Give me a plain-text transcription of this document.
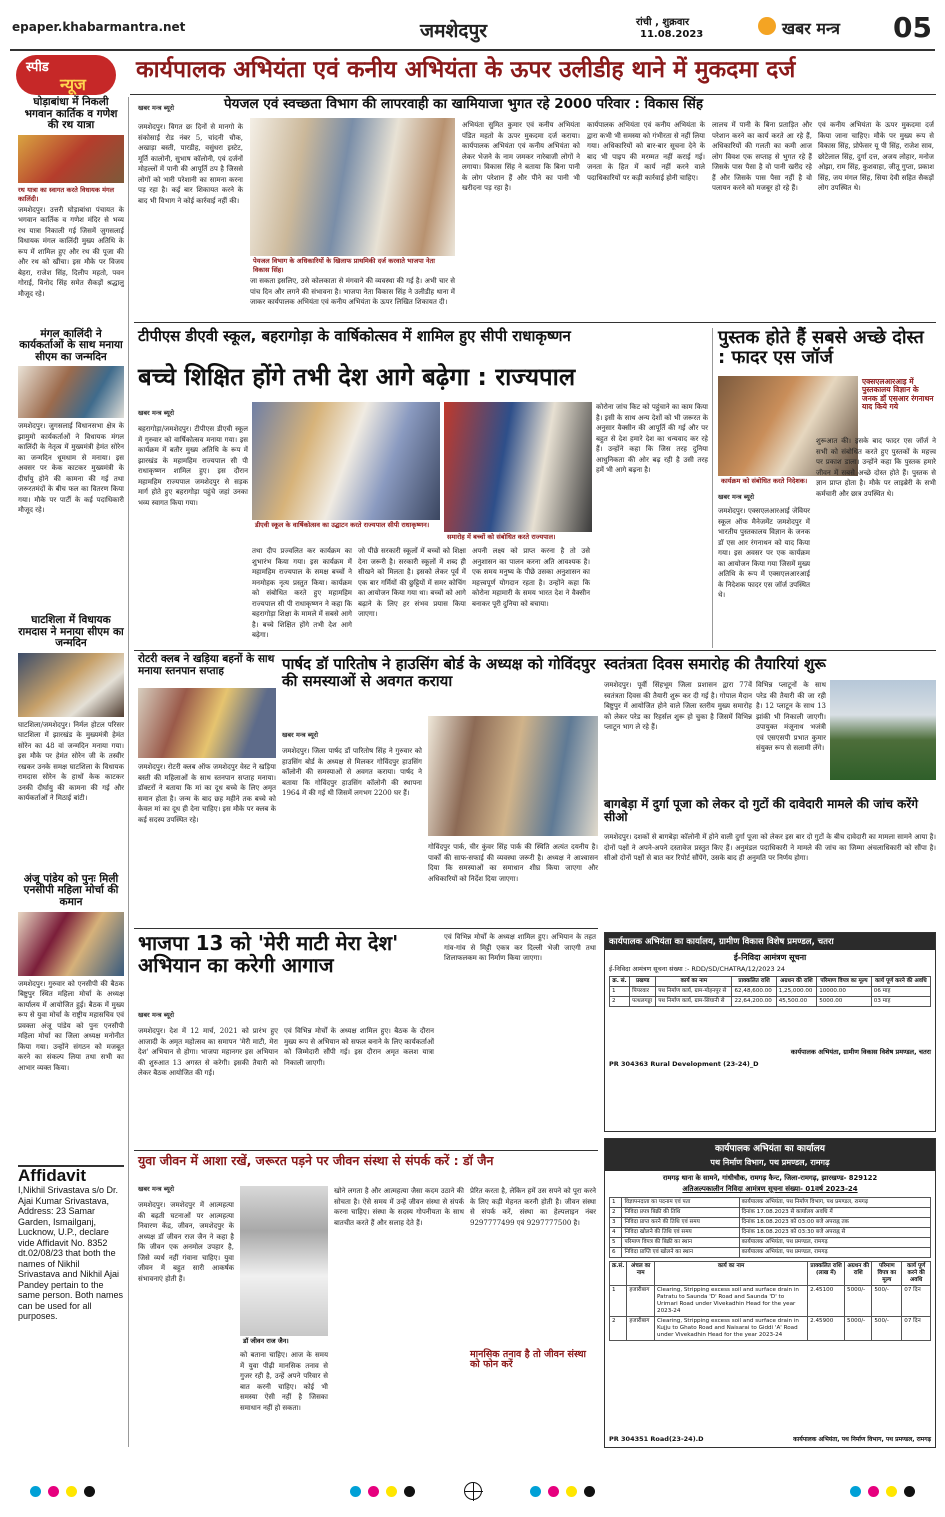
epaper.khabarmantra.net	जमशेदपुर	रांची , शुक्रवार
11.08.2023	खबर मन्त्र 05
स्पीड
न्यूज
कार्यपालक अभियंता एवं कनीय अभियंता के ऊपर उलीडीह थाने में मुकदमा दर्ज
घोड़ाबांधा में निकली भगवान कार्तिक व गणेश की रथ यात्रा
रथ यात्रा का स्वागत करते विधायक मंगल कालिंदी।
जमशेदपुर। उत्तरी घोड़ाबांधा पंचायत के भगवान कार्तिक व गणेश मंदिर से भव्य रथ यात्रा निकाली गई जिसमें जुगसलाई विधायक मंगल कालिंदी मुख्य अतिथि के रूप में शामिल हुए और रथ की पूजा की और रथ को खींचा। इस मौके पर विजय बेहरा, राजेश सिंह, दिलीप महतो, पवन गोराई, विनोद सिंह समेत सैकड़ों श्रद्धालु मौजूद रहे।
मंगल कालिंदी ने कार्यकर्ताओं के साथ मनाया सीएम का जन्मदिन
जमशेदपुर। जुगसलाई विधानसभा क्षेत्र के झामुमो कार्यकर्ताओं ने विधायक मंगल कालिंदी के नेतृत्व में मुख्यमंत्री हेमंत सोरेन का जन्मदिन धूमधाम से मनाया। इस अवसर पर केक काटकर मुख्यमंत्री के दीर्घायु होने की कामना की गई तथा जरूरतमंदों के बीच फल का वितरण किया गया। मौके पर पार्टी के कई पदाधिकारी मौजूद रहे।
घाटशिला में विधायक रामदास ने मनाया सीएम का जन्मदिन
घाटशिला/जमशेदपुर। निर्मल होटल परिसर घाटशिला में झारखंड के मुख्यमंत्री हेमंत सोरेन का 48 वां जन्मदिन मनाया गया। इस मौके पर हेमंत सोरेन जी के तस्वीर रखकर उनके समक्ष घाटशिला के विधायक रामदास सोरेन के हाथों केक काटकर उनकी दीर्घायु की कामना की गई और कार्यकर्ताओं ने मिठाई बांटी।
अंजू पांडेय को पुनः मिली एनसीपी महिला मोर्चा की कमान
जमशेदपुर। गुरुवार को एनसीपी की बैठक बिष्टुपुर स्थित महिला मोर्चा के अध्यक्ष कार्यालय में आयोजित हुई। बैठक में मुख्य रूप से युवा मोर्चा के राष्ट्रीय महासचिव एवं प्रवक्ता अंजू पांडेय को पुनः एनसीपी महिला मोर्चा का जिला अध्यक्ष मनोनीत किया गया। उन्होंने संगठन को मजबूत करने का संकल्प लिया तथा सभी का आभार व्यक्त किया।
Affidavit
I,Nikhil Srivastava s/o Dr. Ajai Kumar Srivastava, Address: 23 Samar Garden, Ismailganj, Lucknow, U.P., declare vide Affidavit No. 8352 dt.02/08/23 that both the names of Nikhil Srivastava and Nikhil Ajai Pandey pertain to the same person. Both names can be used for all purposes.
पेयजल एवं स्वच्छता विभाग की लापरवाही का खामियाजा भुगत रहे 2000 परिवार : विकास सिंह
खबर मन्त्र ब्यूरो
जमशेदपुर। विगत छः दिनों से मानगो के संकोसाई रोड नंबर 5, चांदनी चौक, अखाड़ा बस्ती, पारडीह, वसुंधरा इस्टेट, मूर्ति कालोनी, सुभाष कॉलोनी, एवं दर्जनों मोहल्लों में पानी की आपूर्ति ठप है जिससे लोगों को भारी परेशानी का सामना करना पड़ रहा है। कई बार शिकायत करने के बाद भी विभाग ने कोई कार्रवाई नहीं की।
पेयजल विभाग के अधिकारियों के खिलाफ प्राथमिकी दर्ज करवाते भाजपा नेता विकास सिंह।
जा सकता इसलिए, उसे कोलकाता से मंगवाने की व्यवस्था की गई है। अभी चार से पांच दिन और लगने की संभावना है। भाजपा नेता विकास सिंह ने उलीडीह थाना में जाकर कार्यपालक अभियंता एवं कनीय अभियंता के ऊपर लिखित शिकायत दी।
अभियंता सुमित कुमार एवं कनीय अभियंता पंडित महतो के ऊपर मुकदमा दर्ज कराया। कार्यपालक अभियंता एवं कनीय अभियंता को लेकर भेजने के नाम जमकर नारेबाजी लोगों ने लगाया। विकास सिंह ने बताया कि बिना पानी के लोग परेशान हैं और पीने का पानी भी खरीदना पड़ रहा है।
कार्यपालक अभियंता एवं कनीय अभियंता के द्वारा कभी भी समस्या को गंभीरता से नहीं लिया गया। अधिकारियों को बार-बार सूचना देने के बाद भी पाइप की मरम्मत नहीं कराई गई। जनता के हित में कार्य नहीं करने वाले पदाधिकारियों पर कड़ी कार्रवाई होनी चाहिए।
लालच में पानी के बिना प्रताड़ित और परेशान करने का कार्य करते आ रहे हैं, अधिकारियों की गलती का कमी आज लोग विवश एक सप्ताह से भुगत रहे हैं जिसके पास पैसा है वो पानी खरीद रहे हैं और जिसके पास पैसा नहीं है वो पलायन करने को मजबूर हो रहे हैं।
एवं कनीय अभियंता के ऊपर मुकदमा दर्ज किया जाना चाहिए। मौके पर मुख्य रूप से विकास सिंह, प्रोफेसर यू पी सिंह, राजेश साव, छोटेलाल सिंह, दुर्गा दत्त, अजय लोहार, मनोज ओझा, राम सिंह, कुशवाहा, जीतू गुप्ता, प्रकाश सिंह, जय मंगल सिंह, सिया देवी सहित सैकड़ों लोग उपस्थित थे।
टीपीएस डीएवी स्कूल, बहरागोड़ा के वार्षिकोत्सव में शामिल हुए सीपी राधाकृष्णन
बच्चे शिक्षित होंगे तभी देश आगे बढ़ेगा : राज्यपाल
खबर मन्त्र ब्यूरो
बहरागोड़ा/जमशेदपुर। टीपीएस डीएवी स्कूल में गुरुवार को वार्षिकोत्सव मनाया गया। इस कार्यक्रम में बतौर मुख्य अतिथि के रूप में झारखंड के महामहिम राज्यपाल सी पी राधाकृष्णन शामिल हुए। इस दौरान महामहिम राज्यपाल जमशेदपुर से सड़क मार्ग होते हुए बहरागोड़ा पहुंचे जहां उनका भव्य स्वागत किया गया।
डीएवी स्कूल के वार्षिकोत्सव का उद्घाटन करते राज्यपाल सीपी राधाकृष्णन।
समारोह में बच्चों को संबोधित करते राज्यपाल।
तथा दीप प्रज्वलित कर कार्यक्रम का शुभारंभ किया गया। इस कार्यक्रम में महामहिम राज्यपाल के समक्ष बच्चों ने मनमोहक नृत्य प्रस्तुत किया। कार्यक्रम को संबोधित करते हुए महामहिम राज्यपाल सी पी राधाकृष्णन ने कहा कि बहरागोड़ा शिक्षा के मामले में सबसे आगे है। बच्चे शिक्षित होंगे तभी देश आगे बढ़ेगा।
जो पीछे सरकारी स्कूलों में बच्चों को शिक्षा देना जरूरी है। सरकारी स्कूलों में शब्द ही सीखने को मिलता है। इसको लेकर पूर्व में एक बार गर्मियों की छुट्टियों में समर कोचिंग का आयोजन किया गया था। बच्चों को आगे बढ़ाने के लिए हर संभव प्रयास किया जाएगा।
अपनी लक्ष्य को प्राप्त करना है तो उसे अनुशासन का पालन करना अति आवश्यक है। एक समय मनुष्य के पीछे उसका अनुशासन का महत्त्वपूर्ण योगदान रहता है। उन्होंने कहा कि कोरोना महामारी के समय भारत देश ने वैक्सीन बनाकर पूरी दुनिया को बचाया।
कोरोना जांच किट को पहुंचाने का काम किया है। इसी के साथ अन्य देशों को भी जरूरत के अनुसार वैक्सीन की आपूर्ति की गई और पर बहुत से देश हमारे देश का धन्यवाद कर रहे हैं। उन्होंने कहा कि जिस तरह दुनिया आधुनिकता की ओर बढ़ रही है उसी तरह हमें भी आगे बढ़ना है।
पुस्तक होते हैं सबसे अच्छे दोस्त : फादर एस जॉर्ज
कार्यक्रम को संबोधित करते निदेशक।
एक्सएलआरआइ में पुस्तकालय विज्ञान के जनक डॉ एसआर रंगनाथन याद किये गये
खबर मन्त्र ब्यूरो
जमशेदपुर। एक्सएलआरआई जेवियर स्कूल ऑफ मैनेजमेंट जमशेदपुर में भारतीय पुस्तकालय विज्ञान के जनक डॉ एस आर रंगनाथन को याद किया गया। इस अवसर पर एक कार्यक्रम का आयोजन किया गया जिसमें मुख्य अतिथि के रूप में एक्सएलआरआई के निदेशक फादर एस जॉर्ज उपस्थित थे।
शुरूआत की। इसके बाद फादर एस जॉर्ज ने सभी को संबोधित करते हुए पुस्तकों के महत्त्व पर प्रकाश डाला। उन्होंने कहा कि पुस्तक हमारे जीवन में सबसे अच्छे दोस्त होते हैं। पुस्तक से ज्ञान प्राप्त होता है। मौके पर लाइब्रेरी के सभी कर्मचारी और छात्र उपस्थित थे।
रोटरी क्लब ने खड़िया बहनों के साथ मनाया स्तनपान सप्ताह
जमशेदपुर। रोटरी क्लब ऑफ जमशेदपुर वेस्ट ने खड़िया बस्ती की महिलाओं के साथ स्तनपान सप्ताह मनाया। डॉक्टरों ने बताया कि मां का दूध बच्चे के लिए अमृत समान होता है। जन्म के बाद छह महीने तक बच्चे को केवल मां का दूध ही देना चाहिए। इस मौके पर क्लब के कई सदस्य उपस्थित रहे।
पार्षद डॉ पारितोष ने हाउसिंग बोर्ड के अध्यक्ष को गोविंदपुर की समस्याओं से अवगत कराया
खबर मन्त्र ब्यूरो
जमशेदपुर। जिला पार्षद डॉ पारितोष सिंह ने गुरुवार को हाउसिंग बोर्ड के अध्यक्ष से मिलकर गोविंदपुर हाउसिंग कॉलोनी की समस्याओं से अवगत कराया। पार्षद ने बताया कि गोविंदपुर हाउसिंग कॉलोनी की स्थापना 1964 में की गई थी जिसमें लगभग 2200 घर हैं।
गोविंदपुर पार्क, चीर कुंवर सिंह पार्क की स्थिति अत्यंत दयनीय है। पार्कों की साफ-सफाई की व्यवस्था जरूरी है। अध्यक्ष ने आश्वासन दिया कि समस्याओं का समाधान शीघ्र किया जाएगा और अधिकारियों को निर्देश दिया जाएगा।
स्वतंत्रता दिवस समारोह की तैयारियां शुरू
जमशेदपुर। पूर्वी सिंहभूम जिला प्रशासन द्वारा 77वें स्वतंत्रता दिवस की तैयारी शुरू कर दी गई है। गोपाल मैदान बिष्टुपुर में आयोजित होने वाले जिला स्तरीय मुख्य समारोह को लेकर परेड का रिहर्सल शुरू हो चुका है जिसमें विभिन्न प्लाटून भाग ले रहे हैं।
विभिन्न प्लाटूनों के साथ परेड की तैयारी की जा रही है। 12 प्लाटून के साथ 13 झांकी भी निकाली जाएगी। उपायुक्त मंजूनाथ भजंत्री एवं एसएसपी प्रभात कुमार संयुक्त रूप से सलामी लेंगे।
भाजपा 13 को 'मेरी माटी मेरा देश' अभियान का करेगी आगाज
खबर मन्त्र ब्यूरो
जमशेदपुर। देश में 12 मार्च, 2021 को प्रारंभ हुए आजादी के अमृत महोत्सव का समापन 'मेरी माटी, मेरा देश' अभियान से होगा। भाजपा महानगर इस अभियान की शुरुआत 13 अगस्त से करेगी। इसकी तैयारी को लेकर बैठक आयोजित की गई।
एवं विभिन्न मोर्चों के अध्यक्ष शामिल हुए। बैठक के दौरान मुख्य रूप से अभियान को सफल बनाने के लिए कार्यकर्ताओं को जिम्मेदारी सौंपी गई। इस दौरान अमृत कलश यात्रा निकाली जाएगी।
एवं विभिन्न मोर्चों के अध्यक्ष शामिल हुए। अभियान के तहत गांव-गांव से मिट्टी एकत्र कर दिल्ली भेजी जाएगी तथा शिलाफलकम का निर्माण किया जाएगा।
बागबेड़ा में दुर्गा पूजा को लेकर दो गुटों की दावेदारी मामले की जांच करेंगे सीओ
जमशेदपुर। दशकों से बागबेड़ा कॉलोनी में होने वाली दुर्गा पूजा को लेकर इस बार दो गुटों के बीच दावेदारी का मामला सामने आया है। दोनों पक्षों ने अपने-अपने दस्तावेज प्रस्तुत किए हैं। अनुमंडल पदाधिकारी ने मामले की जांच का जिम्मा अंचलाधिकारी को सौंपा है। सीओ दोनों पक्षों से बात कर रिपोर्ट सौंपेंगे, उसके बाद ही अनुमति पर निर्णय होगा।
कार्यपालक अभियंता का कार्यालय, ग्रामीण विकास विशेष प्रमण्डल, चतरा
ई-निविदा आमंत्रण सूचना
ई-निविदा आमंत्रण सूचना संख्या :- RDD/SD/CHATRA/12/2023 24
क्र. सं.	प्रखण्ड	कार्य का नाम	प्राक्कलित राशि	अग्रधन की राशि	परिमाण विपत्र का मूल्य	कार्य पूर्ण करने की अवधि
1	पिपरवार	पथ निर्माण कार्य, ग्राम-मोहनपुर से	62,48,600.00	1,25,000.00	10000.00	06 माह
2	पत्थलगड्डा	पथ निर्माण कार्य, ग्राम-सिंघानी से	22,64,200.00	45,500.00	5000.00	03 माह
कार्यपालक अभियंता, ग्रामीण विकास विशेष प्रमण्डल, चतरा
PR 304363 Rural Development (23-24)_D
युवा जीवन में आशा रखें, जरूरत पड़ने पर जीवन संस्था से संपर्क करें : डॉ जैन
खबर मन्त्र ब्यूरो
जमशेदपुर। जमशेदपुर में आत्महत्या की बढ़ती घटनाओं पर आत्महत्या निवारण केंद्र, जीवन, जमशेदपुर के अध्यक्ष डॉ जीवन राज जैन ने कहा है कि जीवन एक अनमोल उपहार है, जिसे व्यर्थ नहीं गंवाना चाहिए। युवा जीवन में बहुत सारी आकर्षक संभावनाएं होती हैं।
डॉ जीवन राज जैन।
को बताना चाहिए। आज के समय में युवा पीढ़ी मानसिक तनाव से गुजर रही है, उन्हें अपने परिवार से बात करनी चाहिए। कोई भी समस्या ऐसी नहीं है जिसका समाधान नहीं हो सकता।
खोने लगता है और आत्महत्या जैसा कदम उठाने की सोचता है। ऐसे समय में उन्हें जीवन संस्था से संपर्क करना चाहिए। संस्था के सदस्य गोपनीयता के साथ बातचीत करते हैं और सलाह देते हैं।
प्रेरित करता है, लेकिन हमें उस सपने को पूरा करने के लिए कड़ी मेहनत करनी होती है। जीवन संस्था से संपर्क करें, संस्था का हेल्पलाइन नंबर 9297777499 एवं 9297777500 है।
मानसिक तनाव है तो जीवन संस्था को फोन करें
कार्यपालक अभियंता का कार्यालय
पथ निर्माण विभाग, पथ प्रमण्डल, रामगढ़
रामगढ़ थाना के सामने, गांधीचौक, रामगढ़ कैन्ट, जिला-रामगढ़, झारखण्ड- 829122
अतिअल्पकालीन निविदा आमंत्रण सूचना संख्या- 01वर्ष 2023-24
1	विज्ञापनदाता का पदनाम एवं पता	कार्यपालक अभियंता, पथ निर्माण विभाग, पथ प्रमण्डल, रामगढ़
2	निविदा प्रपत्र बिक्री की तिथि	दिनांक 17.08.2023 से कार्यालय अवधि में
3	निविदा प्राप्त करने की तिथि एवं समय	दिनांक 18.08.2023 को 03:00 बजे अपराह्न तक
4	निविदा खोलने की तिथि एवं समय	दिनांक 18.08.2023 को 03:30 बजे अपराह्न से
5	परिमाण विपत्र की बिक्री का स्थान	कार्यपालक अभियंता, पथ प्रमण्डल, रामगढ़
6	निविदा प्राप्ति एवं खोलने का स्थान	कार्यपालक अभियंता, पथ प्रमण्डल, रामगढ़
क्र.सं.	अंचल का नाम	कार्य का नाम	प्राक्कलित राशि (लाख में)	अग्रधन की राशि	परिमाण विपत्र का मूल्य	कार्य पूर्ण करने की अवधि
1	हजारीबाग	Clearing, Stripping excess soil and surface drain in Patratu to Saunda 'D' Road and Saunda 'D' to Urimari Road under Vivekadhin Head for the year 2023-24	2.45100	5000/-	500/-	07 दिन
2	हजारीबाग	Clearing, Stripping excess soil and surface drain in Kujju to Ghato Road and Naisarai to Giddi 'A' Road under Vivekadhin Head for the year 2023-24	2.45900	5000/-	500/-	07 दिन
PR 304351 Road(23-24).D	कार्यपालक अभियंता, पथ निर्माण विभाग, पथ प्रमण्डल, रामगढ़
